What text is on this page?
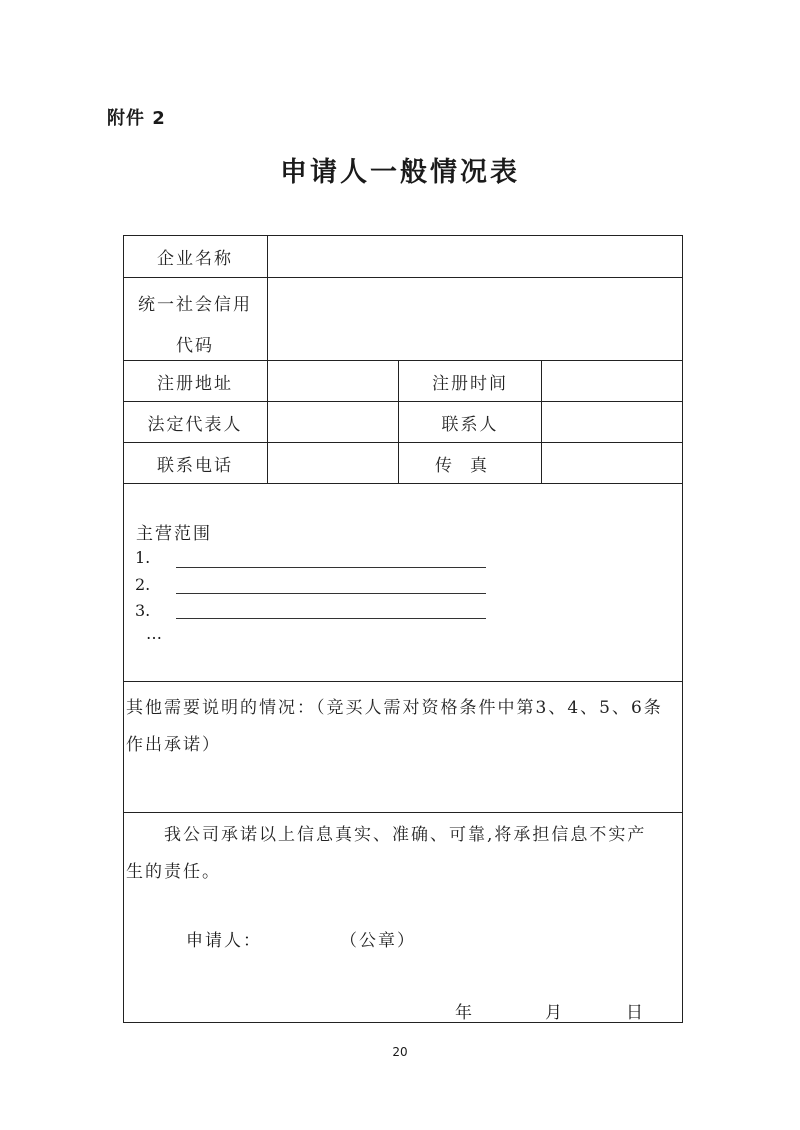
附件 2
申请人一般情况表
企业名称
统一社会信用
代码
注册地址	注册时间
法定代表人	联系人
联系电话	传真
主营范围
1.
2.
3.
…
其他需要说明的情况：（竞买人需对资格条件中第3、4、5、6条
作出承诺）
我公司承诺以上信息真实、准确、可靠,将承担信息不实产
生的责任。
申请人：	（公章）
年	月	日
20
